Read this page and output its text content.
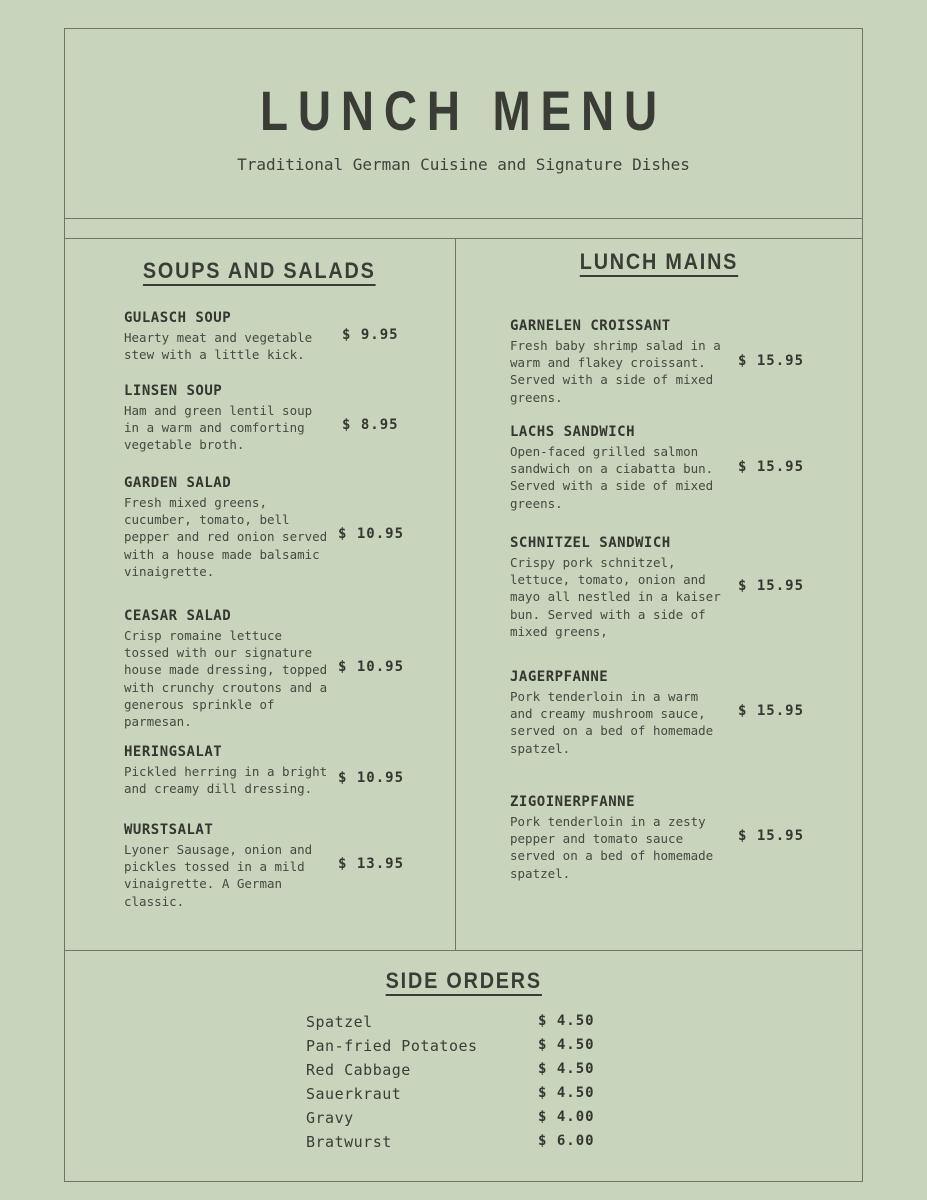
LUNCH MENU
Traditional German Cuisine and Signature Dishes
SOUPS AND SALADS	LUNCH MAINS
SIDE ORDERS
GULASCH SOUP
Hearty meat and vegetable
stew with a little kick.
$ 9.95
LINSEN SOUP
Ham and green lentil soup
in a warm and comforting
vegetable broth.
$ 8.95
GARDEN SALAD
Fresh mixed greens,
cucumber, tomato, bell
pepper and red onion served
with a house made balsamic
vinaigrette.
$ 10.95
CEASAR SALAD
Crisp romaine lettuce
tossed with our signature
house made dressing, topped
with crunchy croutons and a
generous sprinkle of
parmesan.
$ 10.95
HERINGSALAT
Pickled herring in a bright
and creamy dill dressing.
$ 10.95
WURSTSALAT
Lyoner Sausage, onion and
pickles tossed in a mild
vinaigrette. A German
classic.
$ 13.95
GARNELEN CROISSANT
Fresh baby shrimp salad in a
warm and flakey croissant.
Served with a side of mixed
greens.
$ 15.95
LACHS SANDWICH
Open-faced grilled salmon
sandwich on a ciabatta bun.
Served with a side of mixed
greens.
$ 15.95
SCHNITZEL SANDWICH
Crispy pork schnitzel,
lettuce, tomato, onion and
mayo all nestled in a kaiser
bun. Served with a side of
mixed greens,
$ 15.95
JAGERPFANNE
Pork tenderloin in a warm
and creamy mushroom sauce,
served on a bed of homemade
spatzel.
$ 15.95
ZIGOINERPFANNE
Pork tenderloin in a zesty
pepper and tomato sauce
served on a bed of homemade
spatzel.
$ 15.95
Spatzel	$ 4.50
Pan-fried Potatoes	$ 4.50
Red Cabbage	$ 4.50
Sauerkraut	$ 4.50
Gravy	$ 4.00
Bratwurst	$ 6.00
